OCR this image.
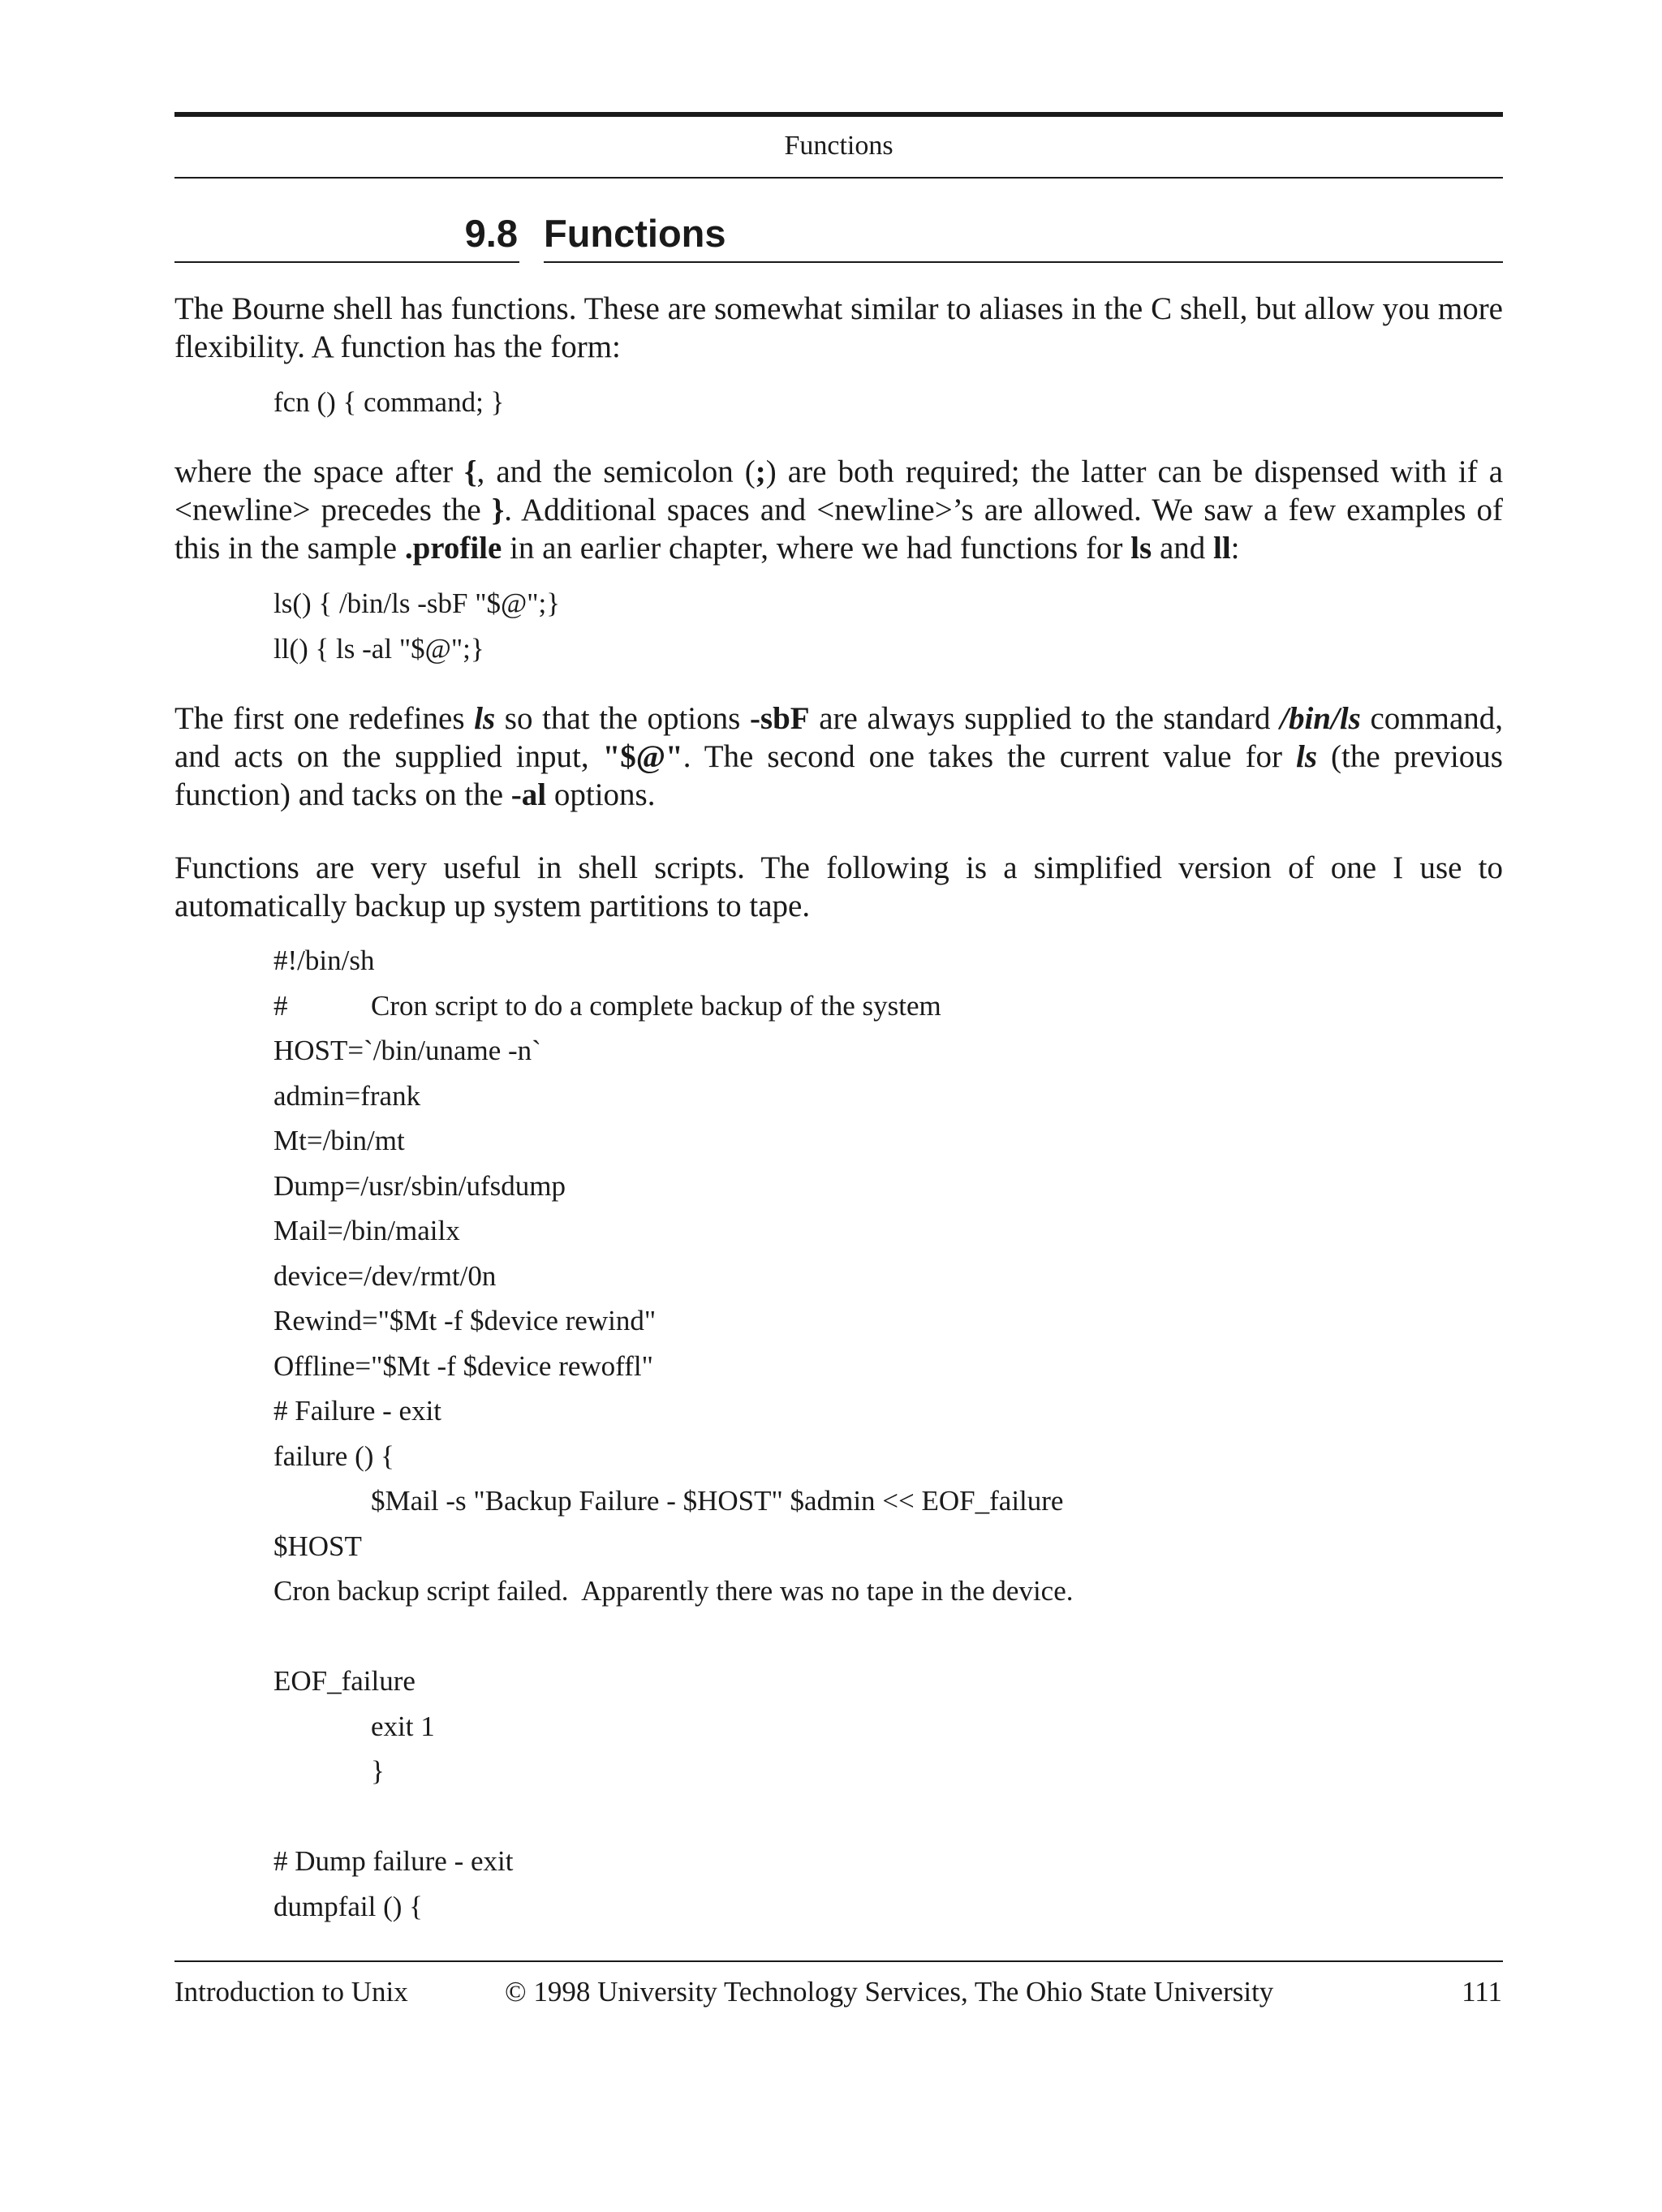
Functions
9.8 Functions
The Bourne shell has functions. These are somewhat similar to aliases in the C shell, but allow you more flexibility. A function has the form:
fcn () { command; }
where the space after {, and the semicolon (;) are both required; the latter can be dispensed with if a <newline> precedes the }. Additional spaces and <newline>’s are allowed. We saw a few examples of this in the sample .profile in an earlier chapter, where we had functions for ls and ll:
ls() { /bin/ls -sbF "$@";}
ll() { ls -al "$@";}
The first one redefines ls so that the options -sbF are always supplied to the standard /bin/ls command, and acts on the supplied input, "$@". The second one takes the current value for ls (the previous function) and tacks on the -al options.
Functions are very useful in shell scripts. The following is a simplified version of one I use to automatically backup up system partitions to tape.
#!/bin/sh
#	Cron script to do a complete backup of the system
HOST=`/bin/uname -n`
admin=frank
Mt=/bin/mt
Dump=/usr/sbin/ufsdump
Mail=/bin/mailx
device=/dev/rmt/0n
Rewind="$Mt -f $device rewind"
Offline="$Mt -f $device rewoffl"
# Failure - exit
failure () {
$Mail -s "Backup Failure - $HOST" $admin << EOF_failure
$HOST
Cron backup script failed.  Apparently there was no tape in the device.
EOF_failure
exit 1
}
# Dump failure - exit
dumpfail () {
Introduction to Unix	© 1998 University Technology Services, The Ohio State University	111
